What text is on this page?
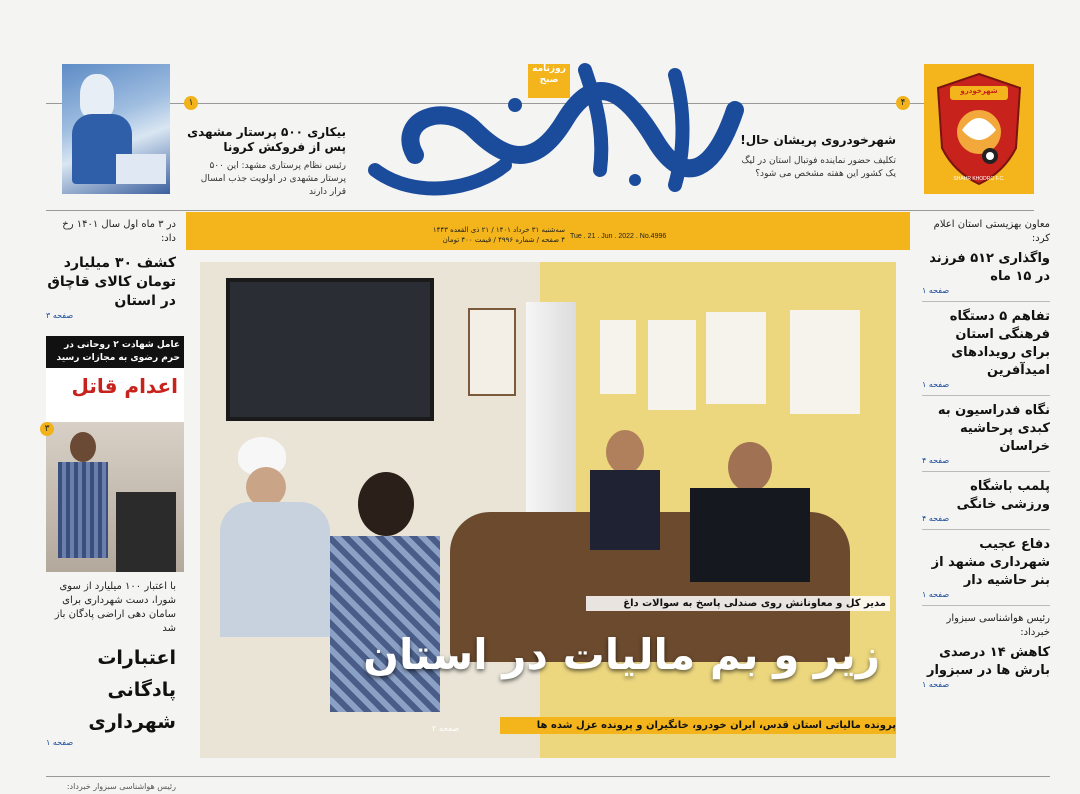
۱
بیکاری ۵۰۰ پرستار مشهدی پس از فروکش کرونا
رئیس نظام پرستاری مشهد: این ۵۰۰ پرستار مشهدی در اولویت جذب امسال قرار دارند
روزنامه صبح
سه‌شنبه ۳۱ خرداد ۱۴۰۱ / ۲۱ ذی القعده ۱۴۴۳
۴ صفحه / شماره ۴۹۹۶ / قیمت ۴۰۰ تومان Tue . 21 . Jun . 2022 . No.4996
۴
شهرخودروی پریشان حال!
تکلیف حضور نماینده فوتبال استان در لیگ یک کشور این هفته مشخص می شود؟
شهرخودرو
SHAHR KHODRO F.C.
در ۳ ماه اول سال ۱۴۰۱ رخ داد:
کشف ۳۰ میلیارد تومان کالای قاچاق در استان
صفحه ۳
عامل شهادت ۲ روحانی در حرم رضوی به مجازات رسید
اعدام قاتل
۳
با اعتبار ۱۰۰ میلیارد از سوی شورا، دست شهرداری برای سامان دهی اراضی پادگان باز شد
اعتبارات پادگانی شهرداری
صفحه ۱
معاون بهزیستی استان اعلام کرد:
واگذاری ۵۱۲ فرزند در ۱۵ ماه
صفحه ۱
تفاهم ۵ دستگاه فرهنگی استان برای رویدادهای امیدآفرین
صفحه ۱
نگاه فدراسیون به کبدی پرحاشیه خراسان
صفحه ۴
پلمب باشگاه ورزشی خانگی
صفحه ۴
دفاع عجیب شهرداری مشهد از بنر حاشیه دار
صفحه ۱
رئیس هواشناسی سبزوار خبرداد:
کاهش ۱۴ درصدی بارش ها در سبزوار
صفحه ۱
مدیر کل و معاونانش روی صندلی پاسخ به سوالات داغ
زیر و بم مالیات در استان
پرونده مالیاتی استان قدس، ایران خودرو، خانگیران و پرونده عزل شده ها
صفحه ۲
رئیس هواشناسی سبزوار خبرداد:
